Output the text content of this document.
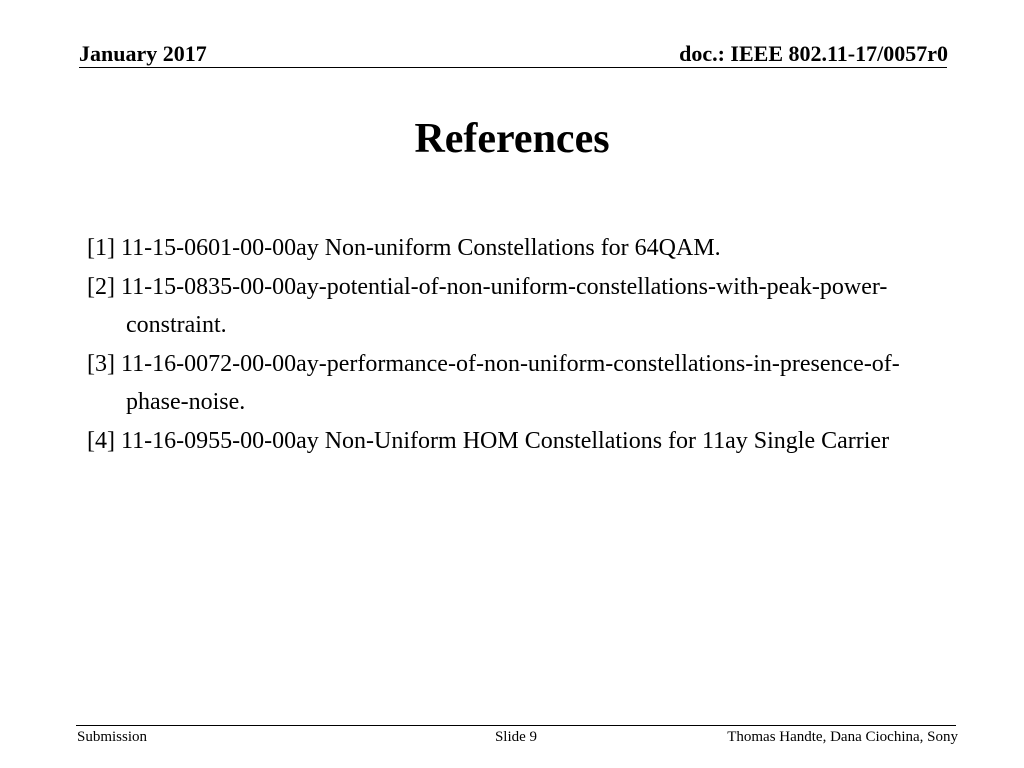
January 2017	doc.: IEEE 802.11-17/0057r0
References
[1] 11-15-0601-00-00ay Non-uniform Constellations for 64QAM.
[2] 11-15-0835-00-00ay-potential-of-non-uniform-constellations-with-peak-power-constraint.
[3] 11-16-0072-00-00ay-performance-of-non-uniform-constellations-in-presence-of-phase-noise.
[4] 11-16-0955-00-00ay Non-Uniform HOM Constellations for 11ay Single Carrier
Submission	Slide 9	Thomas Handte, Dana Ciochina, Sony
